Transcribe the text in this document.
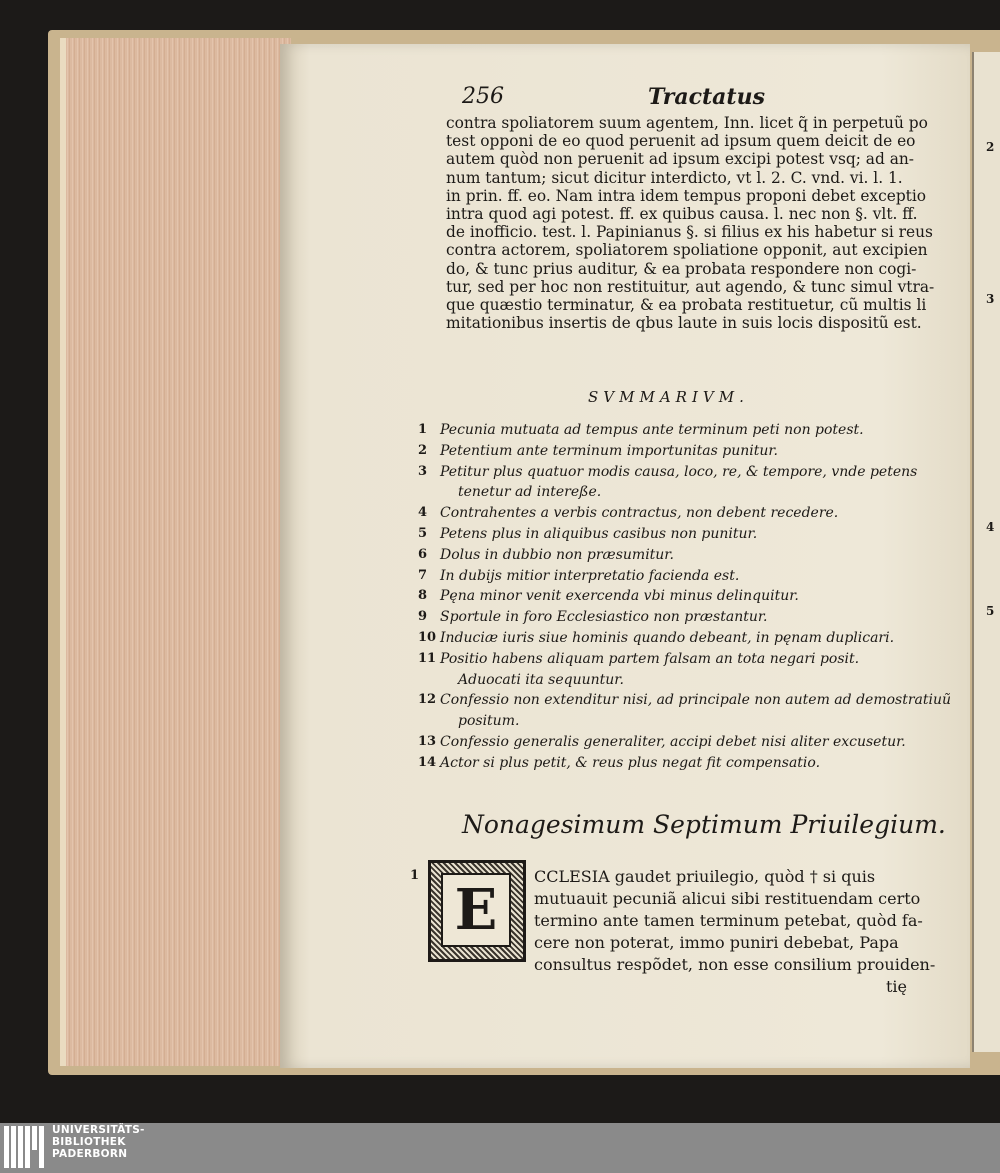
256	Tractatus
contra spoliatorem suum agentem, Inn. licet q̃ in perpetuũ po
test opponi de eo quod peruenit ad ipsum quem deicit de eo
autem quòd non peruenit ad ipsum excipi potest vsq; ad an-
num tantum; sicut dicitur interdicto, vt l. 2. C. vnd. vi. l. 1.
in prin. ff. eo. Nam intra idem tempus proponi debet exceptio
intra quod agi potest. ff. ex quibus causa. l. nec non §. vlt. ff.
de inofficio. test. l. Papinianus §. si filius ex his habetur si reus
contra actorem, spoliatorem spoliatione opponit, aut excipien
do, & tunc prius auditur, & ea probata respondere non cogi-
tur, sed per hoc non restituitur, aut agendo, & tunc simul vtra-
que quæstio terminatur, & ea probata restituetur, cũ multis li
mitationibus insertis de qbus laute in suis locis dispositũ est.
SVMMARIVM.
1 Pecunia mutuata ad tempus ante terminum peti non potest.
2 Petentium ante terminum importunitas punitur.
3 Petitur plus quatuor modis causa, loco, re, & tempore, vnde petens
tenetur ad intereße.
4 Contrahentes a verbis contractus, non debent recedere.
5 Petens plus in aliquibus casibus non punitur.
6 Dolus in dubbio non præsumitur.
7 In dubijs mitior interpretatio facienda est.
8 Pęna minor venit exercenda vbi minus delinquitur.
9 Sportule in foro Ecclesiastico non præstantur.
10 Induciæ iuris siue hominis quando debeant, in pęnam duplicari.
11 Positio habens aliquam partem falsam an tota negari posit.
Aduocati ita sequuntur.
12 Confessio non extenditur nisi, ad principale non autem ad demostratiuũ
positum.
13 Confessio generalis generaliter, accipi debet nisi aliter excusetur.
14 Actor si plus petit, & reus plus negat fit compensatio.
Nonagesimum Septimum Priuilegium.
1
E
CCLESIA gaudet priuilegio, quòd † si quis
mutuauit pecuniã alicui sibi restituendam certo
termino ante tamen terminum petebat, quòd fa-
cere non poterat, immo puniri debebat, Papa
consultus respõdet, non esse consilium prouiden-
tię
2
3
4
5
UNIVERSITÄTS-
BIBLIOTHEK
PADERBORN
